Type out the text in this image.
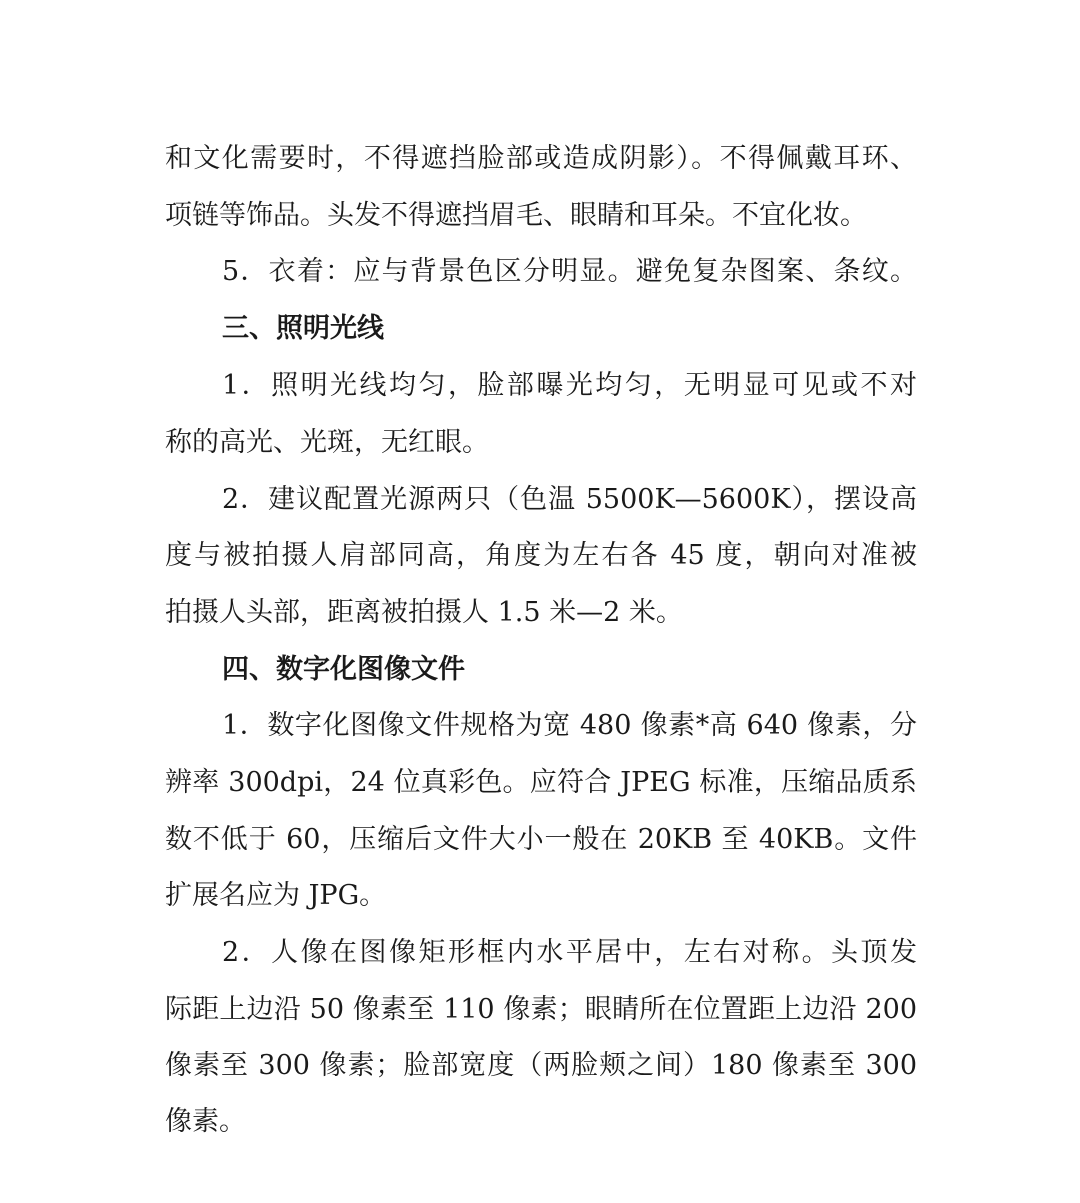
和文化需要时，不得遮挡脸部或造成阴影）。不得佩戴耳环、
项链等饰品。头发不得遮挡眉毛、眼睛和耳朵。不宜化妆。
5．衣着：应与背景色区分明显。避免复杂图案、条纹。
三、照明光线
1．照明光线均匀，脸部曝光均匀，无明显可见或不对
称的高光、光斑，无红眼。
2．建议配置光源两只（色温 5500K—5600K），摆设高
度与被拍摄人肩部同高，角度为左右各 45 度，朝向对准被
拍摄人头部，距离被拍摄人 1.5 米—2 米。
四、数字化图像文件
1．数字化图像文件规格为宽 480 像素*高 640 像素，分
辨率 300dpi，24 位真彩色。应符合 JPEG 标准，压缩品质系
数不低于 60，压缩后文件大小一般在 20KB 至 40KB。文件
扩展名应为 JPG。
2．人像在图像矩形框内水平居中，左右对称。头顶发
际距上边沿 50 像素至 110 像素；眼睛所在位置距上边沿 200
像素至 300 像素；脸部宽度（两脸颊之间）180 像素至 300
像素。
